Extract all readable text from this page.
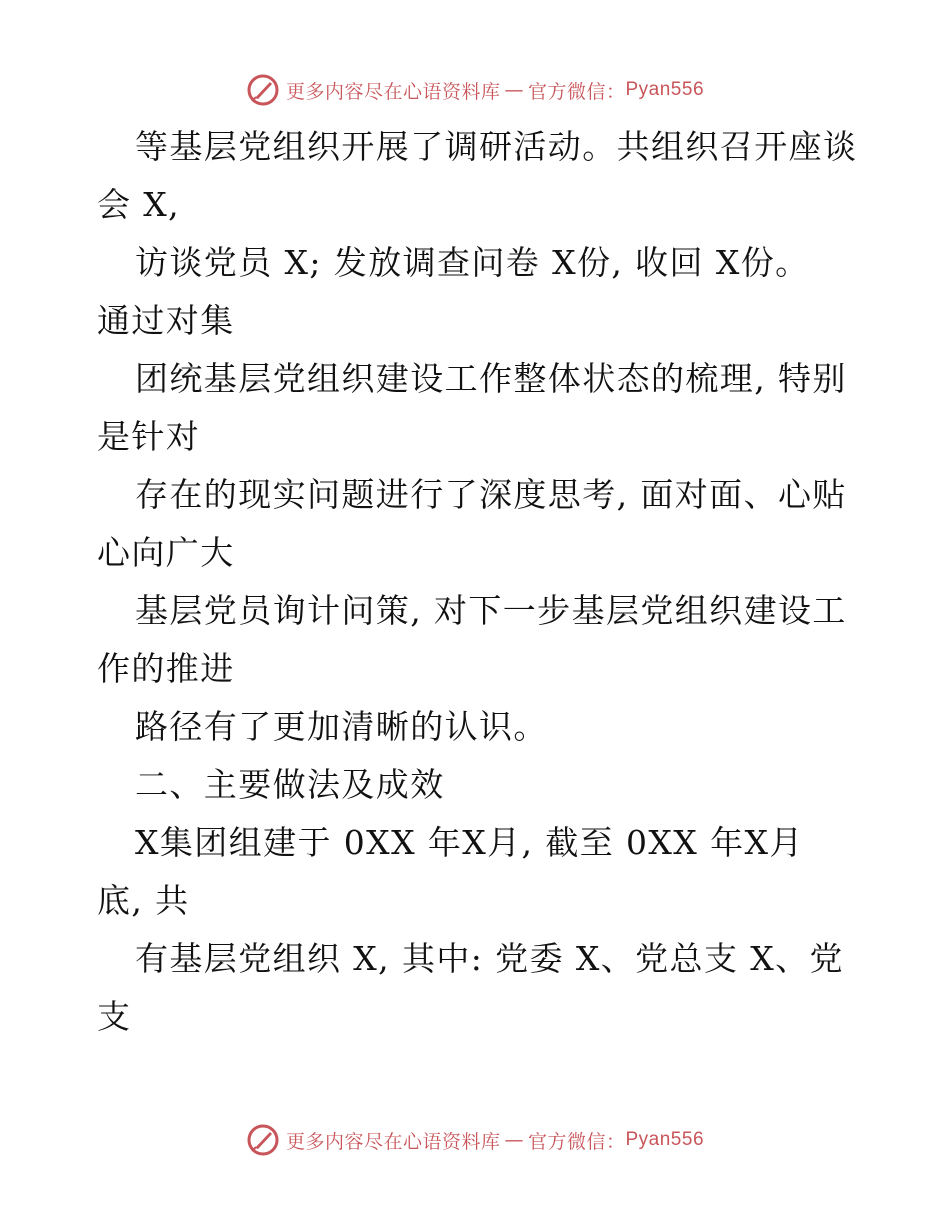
更多内容尽在心语资料库 — 官方微信： Pyan556
等基层党组织开展了调研活动。共组织召开座谈
会 X,
访谈党员 X; 发放调查问卷 X份, 收回 X份。
通过对集
团统基层党组织建设工作整体状态的梳理, 特别
是针对
存在的现实问题进行了深度思考, 面对面、心贴
心向广大
基层党员询计问策, 对下一步基层党组织建设工
作的推进
路径有了更加清晰的认识。
二、主要做法及成效
X集团组建于 0XX 年X月, 截至 0XX 年X月
底, 共
有基层党组织 X, 其中: 党委 X、党总支 X、党
支
更多内容尽在心语资料库 — 官方微信： Pyan556
